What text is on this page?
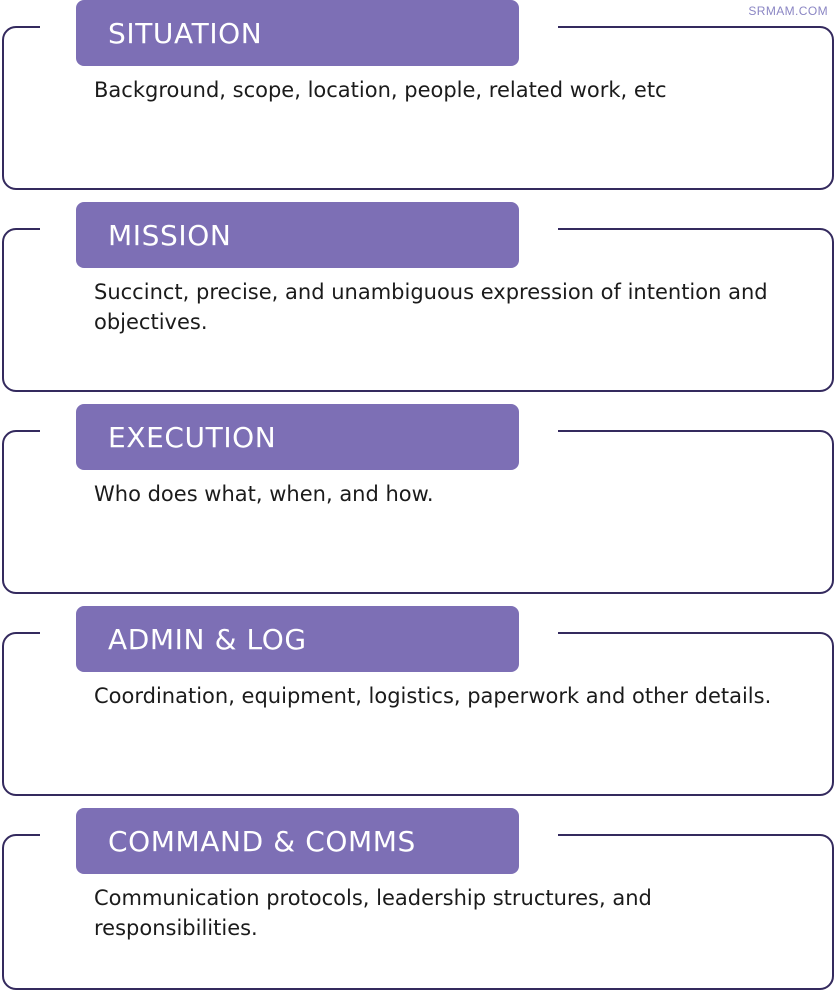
SRMAM.COM
SITUATION
Background, scope, location, people, related work, etc
MISSION
Succinct, precise, and unambiguous expression of intention and objectives.
EXECUTION
Who does what, when, and how.
ADMIN & LOG
Coordination, equipment, logistics, paperwork and other details.
COMMAND & COMMS
Communication protocols, leadership structures, and responsibilities.
